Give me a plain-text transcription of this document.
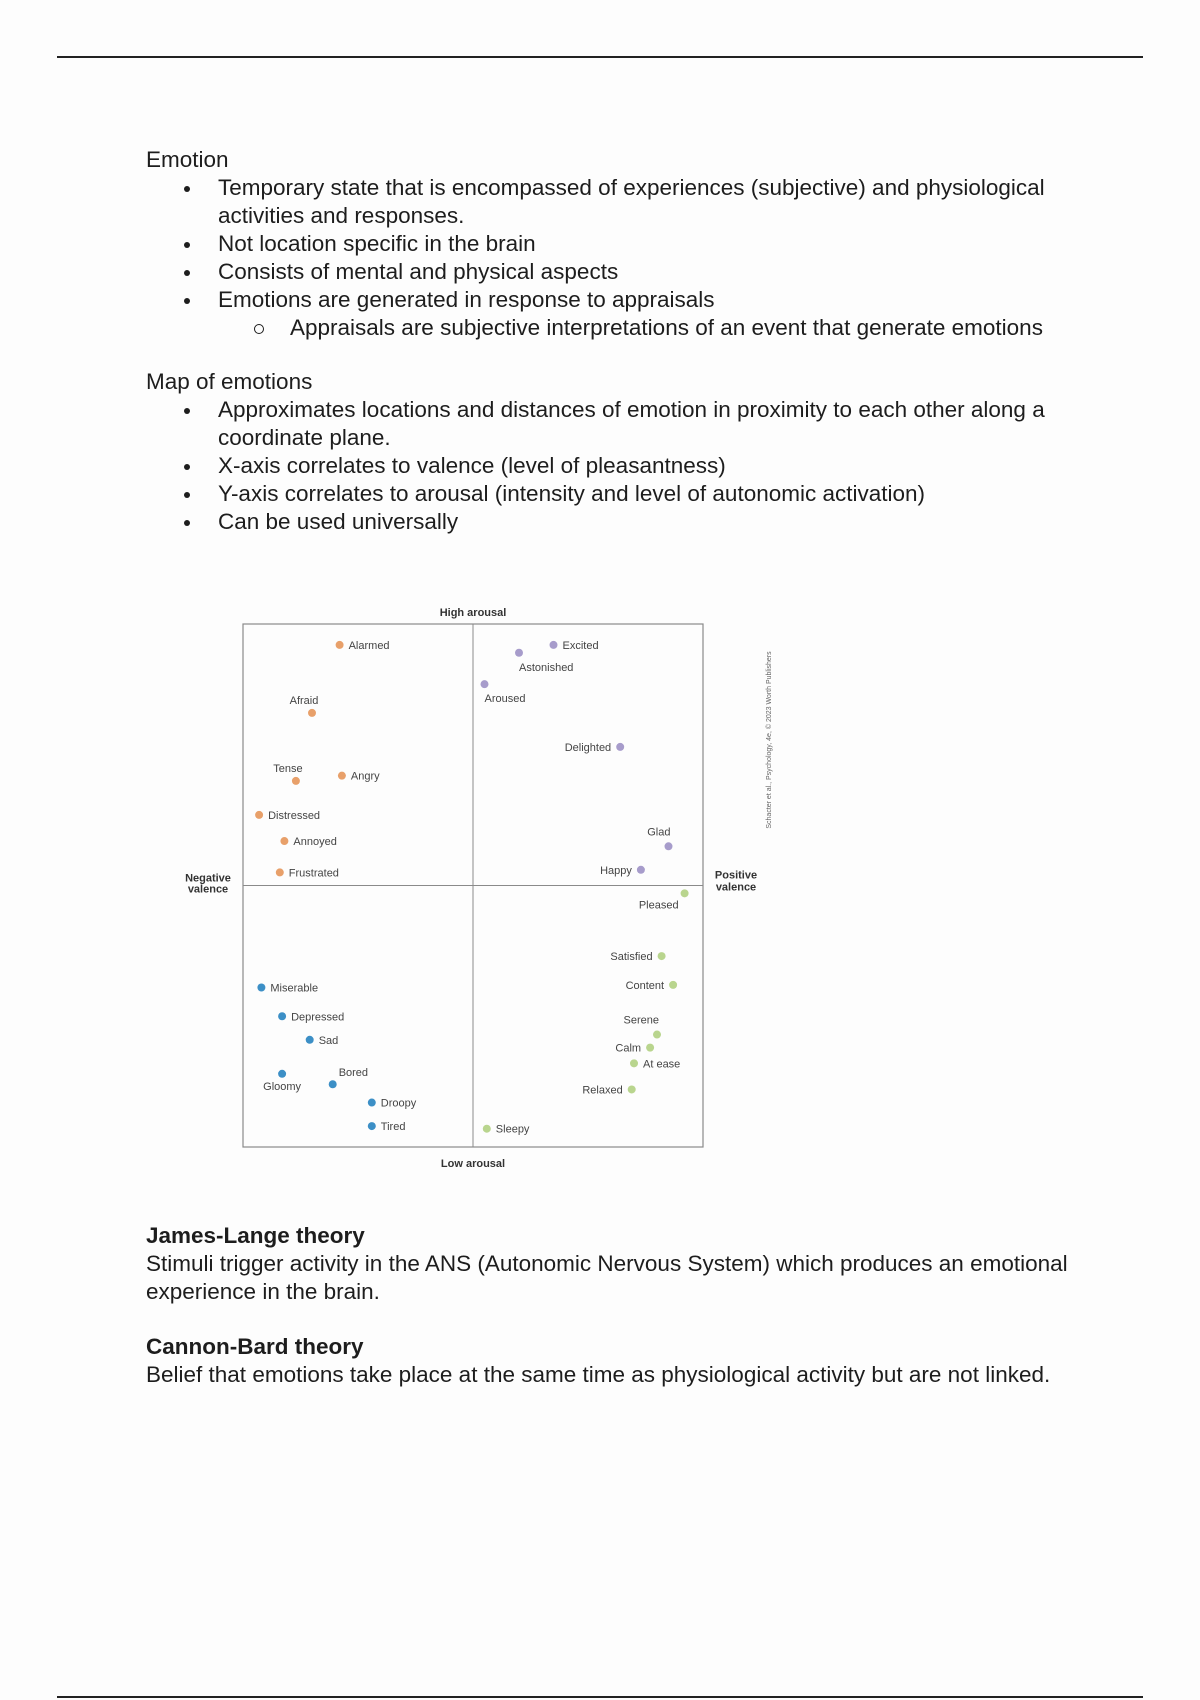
Emotion
Temporary state that is encompassed of experiences (subjective) and physiological activities and responses.
Not location specific in the brain
Consists of mental and physical aspects
Emotions are generated in response to appraisals
Appraisals are subjective interpretations of an event that generate emotions
Map of emotions
Approximates locations and distances of emotion in proximity to each other along a coordinate plane.
X-axis correlates to valence (level of pleasantness)
Y-axis correlates to arousal (intensity and level of autonomic activation)
Can be used universally
High arousal
Low arousal
Negative
valence
Positive
valence
Schacter et al., Psychology, 4e, © 2023 Worth Publishers
Alarmed
Afraid
Tense
Angry
Distressed
Annoyed
Frustrated
Excited
Astonished
Aroused
Delighted
Glad
Happy
Pleased
Satisfied
Content
Serene
Calm
At ease
Relaxed
Sleepy
Miserable
Depressed
Sad
Bored
Gloomy
Droopy
Tired
James-Lange theory

Stimuli trigger activity in the ANS (Autonomic Nervous System) which produces an emotional experience in the brain.

Cannon-Bard theory

Belief that emotions take place at the same time as physiological activity but are not linked.
